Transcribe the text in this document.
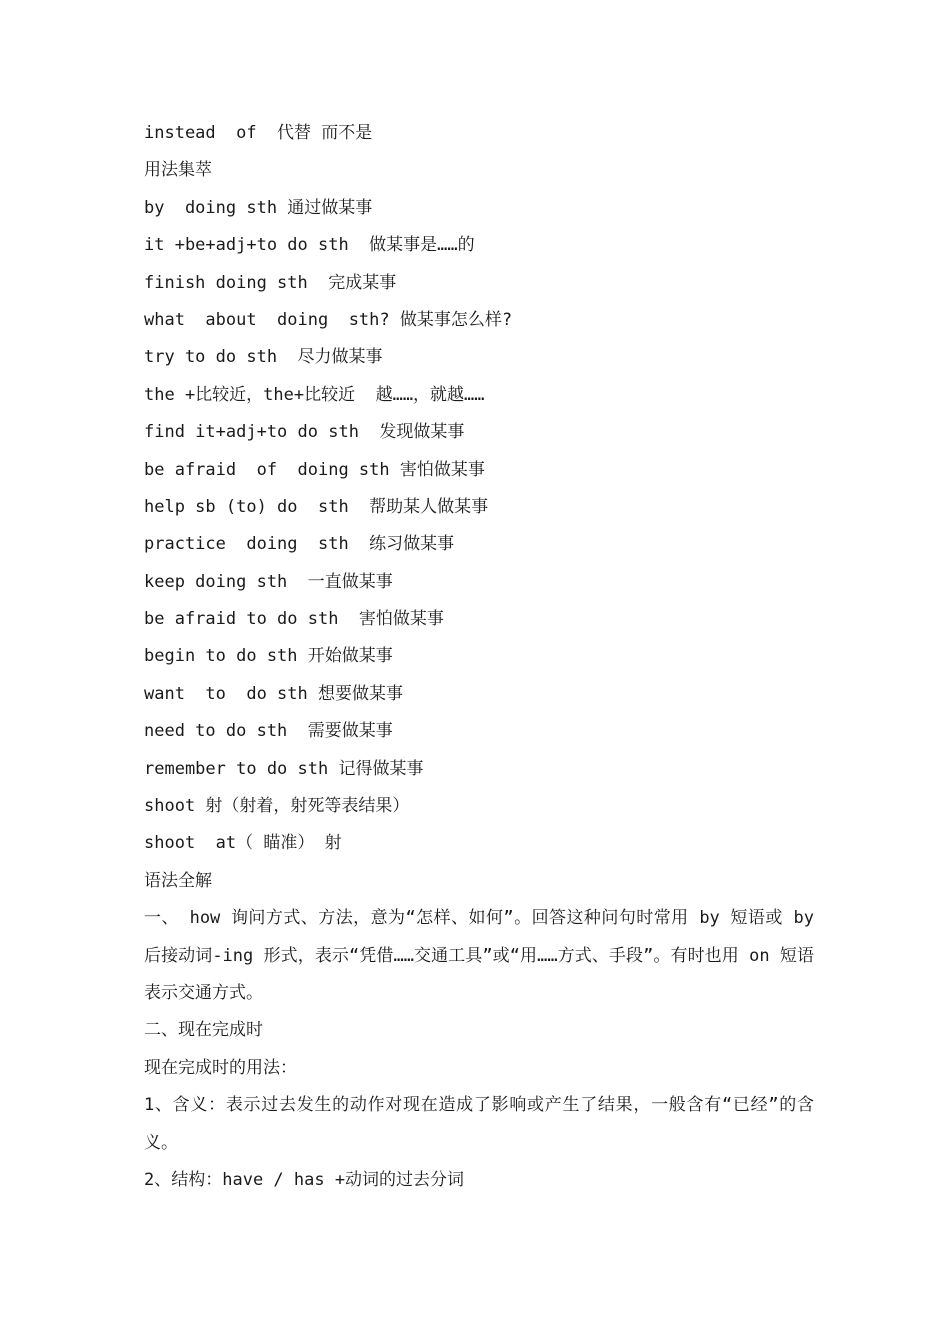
instead  of  代替 而不是
用法集萃
by  doing sth 通过做某事
it +be+adj+to do sth  做某事是……的
finish doing sth  完成某事
what  about  doing  sth? 做某事怎么样?
try to do sth  尽力做某事
the +比较近，the+比较近  越……，就越……
find it+adj+to do sth  发现做某事
be afraid  of  doing sth 害怕做某事
help sb (to) do  sth  帮助某人做某事
practice  doing  sth  练习做某事
keep doing sth  一直做某事
be afraid to do sth  害怕做某事
begin to do sth 开始做某事
want  to  do sth 想要做某事
need to do sth  需要做某事
remember to do sth 记得做某事
shoot 射（射着，射死等表结果）
shoot  at（ 瞄准） 射
语法全解
一、 how 询问方式、方法，意为“怎样、如何”。回答这种问句时常用 by 短语或 by 后接动词-ing 形式，表示“凭借……交通工具”或“用……方式、手段”。有时也用 on 短语表示交通方式。
二、现在完成时
现在完成时的用法：
1、含义：表示过去发生的动作对现在造成了影响或产生了结果，一般含有“已经”的含义。
2、结构：have / has +动词的过去分词
